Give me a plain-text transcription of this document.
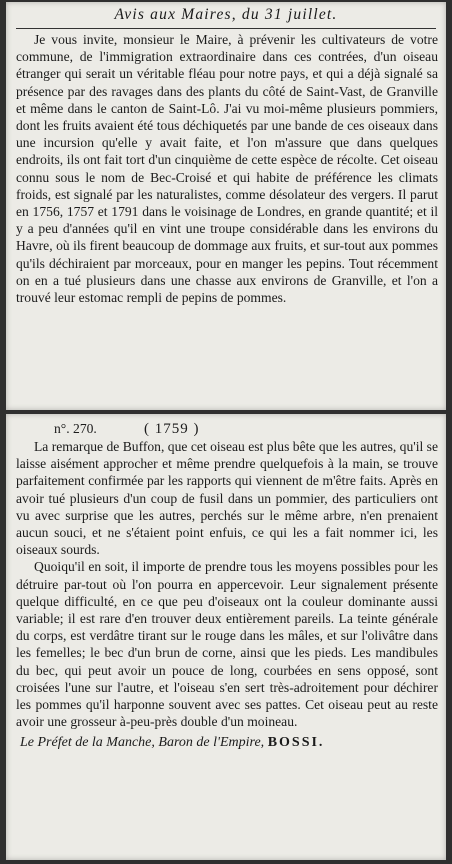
Avis aux Maires, du 31 juillet.

Je vous invite, monsieur le Maire, à prévenir les cultivateurs de votre commune, de l'immigration extraordinaire dans ces contrées, d'un oiseau étranger qui serait un véritable fléau pour notre pays, et qui a déjà signalé sa présence par des ravages dans des plants du côté de Saint-Vast, de Granville et même dans le canton de Saint-Lô. J'ai vu moi-même plusieurs pommiers, dont les fruits avaient été tous déchiquetés par une bande de ces oiseaux dans une incursion qu'elle y avait faite, et l'on m'assure que dans quelques endroits, ils ont fait tort d'un cinquième de cette espèce de récolte. Cet oiseau connu sous le nom de Bec-Croisé et qui habite de préférence les climats froids, est signalé par les naturalistes, comme désolateur des vergers. Il parut en 1756, 1757 et 1791 dans le voisinage de Londres, en grande quantité; et il y a peu d'années qu'il en vint une troupe considérable dans les environs du Havre, où ils firent beaucoup de dommage aux fruits, et sur-tout aux pommes qu'ils déchiraient par morceaux, pour en manger les pepins. Tout récemment on en a tué plusieurs dans une chasse aux environs de Granville, et l'on a trouvé leur estomac rempli de pepins de pommes.

n°. 270.	( 1759 )

La remarque de Buffon, que cet oiseau est plus bête que les autres, qu'il se laisse aisément approcher et même prendre quelquefois à la main, se trouve parfaitement confirmée par les rapports qui viennent de m'être faits. Après en avoir tué plusieurs d'un coup de fusil dans un pommier, des particuliers ont vu avec surprise que les autres, perchés sur le même arbre, n'en prenaient aucun souci, et ne s'étaient point enfuis, ce qui les a fait nommer ici, les oiseaux sourds.

Quoiqu'il en soit, il importe de prendre tous les moyens possibles pour les détruire par-tout où l'on pourra en appercevoir. Leur signalement présente quelque difficulté, en ce que peu d'oiseaux ont la couleur dominante aussi variable; il est rare d'en trouver deux entièrement pareils. La teinte générale du corps, est verdâtre tirant sur le rouge dans les mâles, et sur l'olivâtre dans les femelles; le bec d'un brun de corne, ainsi que les pieds. Les mandibules du bec, qui peut avoir un pouce de long, courbées en sens opposé, sont croisées l'une sur l'autre, et l'oiseau s'en sert très-adroitement pour déchirer les pommes qu'il harponne souvent avec ses pattes. Cet oiseau peut au reste avoir une grosseur à-peu-près double d'un moineau.

Le Préfet de la Manche, Baron de l'Empire, BOSSI.
